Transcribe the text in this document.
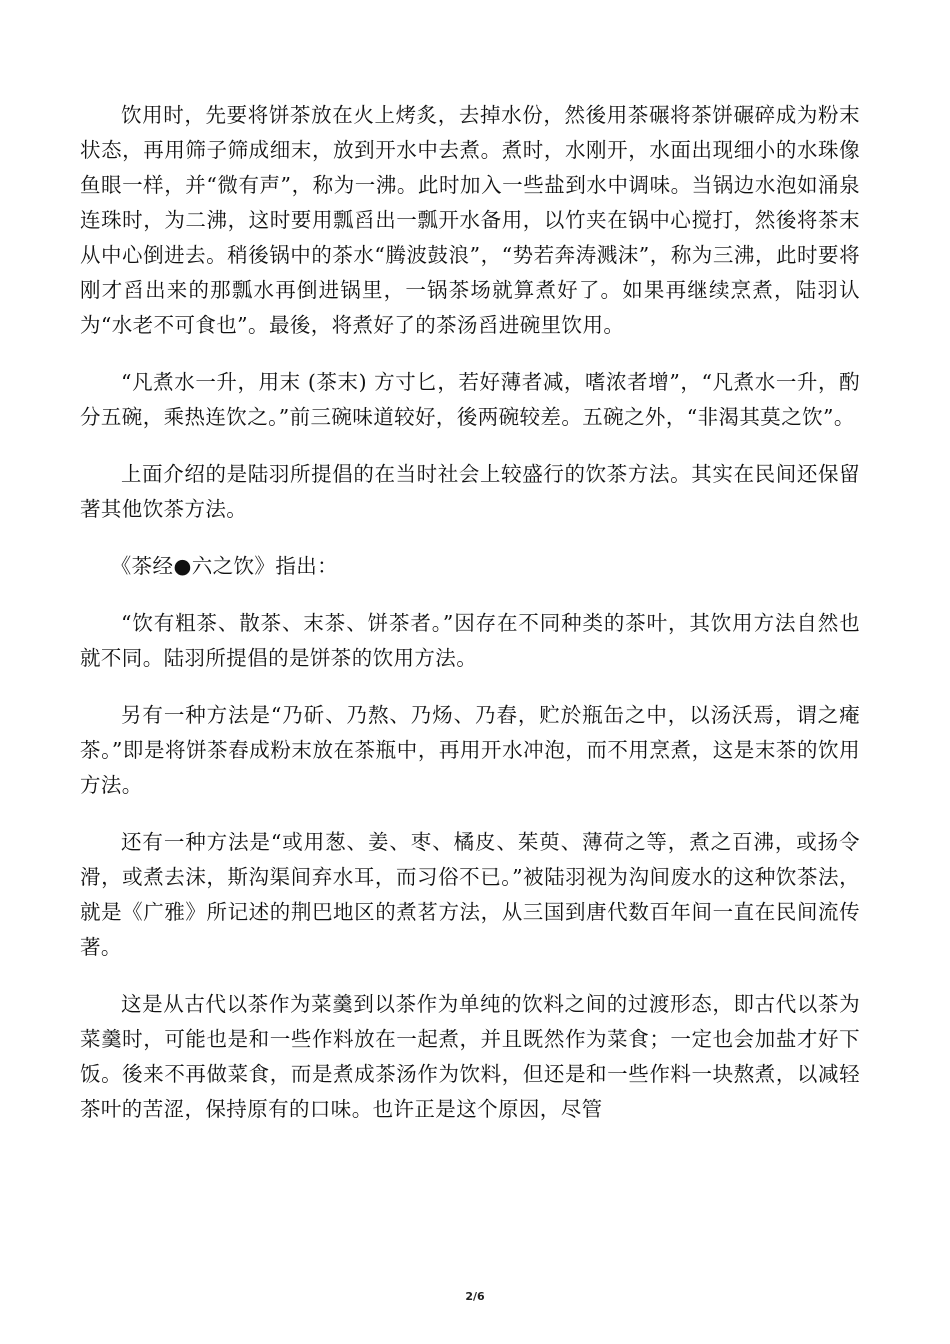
饮用时，先要将饼茶放在火上烤炙，去掉水份，然後用茶碾将茶饼碾碎成为粉末状态，再用筛子筛成细末，放到开水中去煮。煮时，水刚开，水面出现细小的水珠像鱼眼一样，并“微有声”，称为一沸。此时加入一些盐到水中调味。当锅边水泡如涌泉连珠时，为二沸，这时要用瓢舀出一瓢开水备用，以竹夹在锅中心搅打，然後将茶末从中心倒进去。稍後锅中的茶水“腾波鼓浪”，“势若奔涛溅沫”，称为三沸，此时要将刚才舀出来的那瓢水再倒进锅里，一锅茶场就算煮好了。如果再继续烹煮，陆羽认为“水老不可食也”。最後，将煮好了的茶汤舀进碗里饮用。

“凡煮水一升，用末 (茶末) 方寸匕，若好薄者减，嗜浓者增”，“凡煮水一升，酌分五碗，乘热连饮之。”前三碗味道较好，後两碗较差。五碗之外，“非渴其莫之饮”。

上面介绍的是陆羽所提倡的在当时社会上较盛行的饮茶方法。其实在民间还保留著其他饮茶方法。

《茶经●六之饮》指出：

“饮有粗茶、散茶、末茶、饼茶者。”因存在不同种类的茶叶，其饮用方法自然也就不同。陆羽所提倡的是饼茶的饮用方法。

另有一种方法是“乃斫、乃熬、乃炀、乃舂，贮於瓶缶之中，以汤沃焉，谓之痷茶。”即是将饼茶舂成粉末放在茶瓶中，再用开水冲泡，而不用烹煮，这是末茶的饮用方法。

还有一种方法是“或用葱、姜、枣、橘皮、茱萸、薄荷之等，煮之百沸，或扬令滑，或煮去沫，斯沟渠间弃水耳，而习俗不已。”被陆羽视为沟间废水的这种饮茶法，就是《广雅》所记述的荆巴地区的煮茗方法，从三国到唐代数百年间一直在民间流传著。

这是从古代以茶作为菜羹到以茶作为单纯的饮料之间的过渡形态，即古代以茶为菜羹时，可能也是和一些作料放在一起煮，并且既然作为菜食；一定也会加盐才好下饭。後来不再做菜食，而是煮成茶汤作为饮料，但还是和一些作料一块熬煮，以减轻茶叶的苦涩，保持原有的口味。也许正是这个原因，尽管

2/6
